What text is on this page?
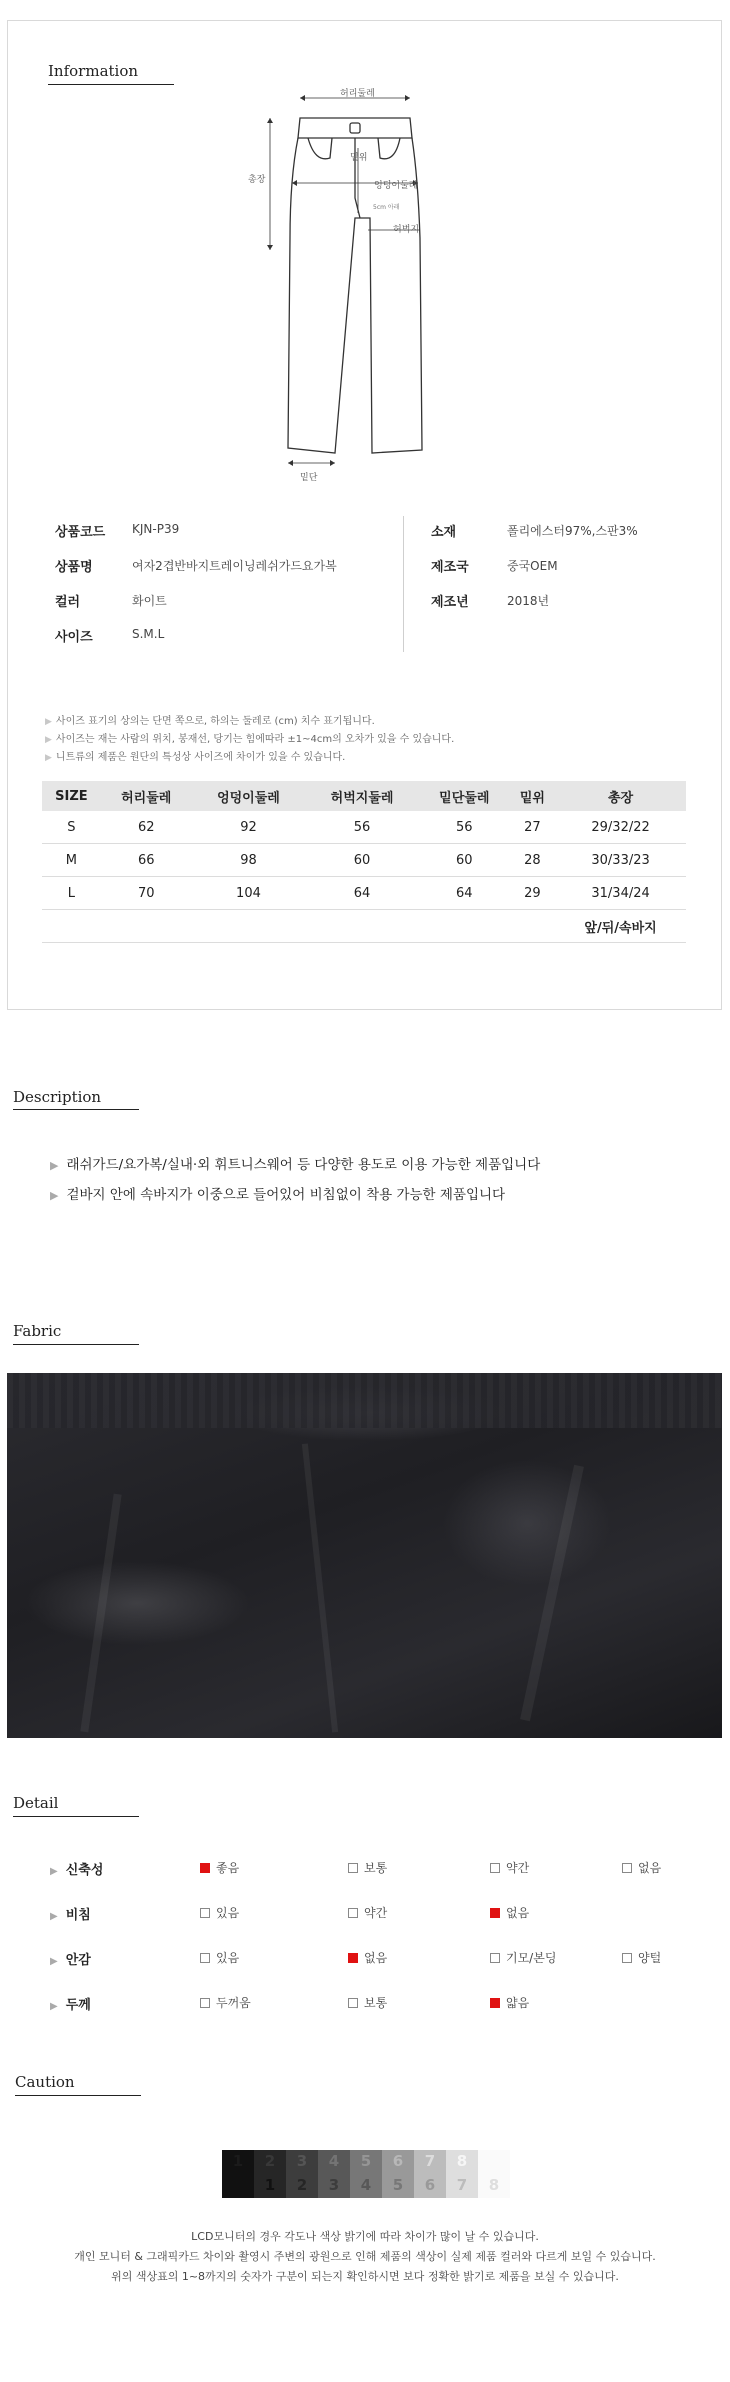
Information
허리둘레
밑위
엉덩이둘레
총장
허벅지
5cm 아래
밑단
상품코드 KJN-P39
상품명	여자2겹반바지트레이닝레쉬가드요가복
컬러	화이트
사이즈	S.M.L
소재	폴리에스터97%,스판3%
제조국	중국OEM
제조년	2018년
▶ 사이즈 표기의 상의는 단면 쪽으로, 하의는 둘레로 (cm) 치수 표기됩니다.
▶ 사이즈는 재는 사람의 위치, 봉재선, 당기는 힘에따라 ±1~4cm의 오차가 있을 수 있습니다.
▶ 니트류의 제품은 원단의 특성상 사이즈에 차이가 있을 수 있습니다.
SIZE	허리둘레	엉덩이둘레	허벅지둘레	밑단둘레	밑위	총장
S	62	92	56	56	27	29/32/22
M	66	98	60	60	28	30/33/23
L	70	104	64	64	29	31/34/24
						앞/뒤/속바지
Description
▶ 래쉬가드/요가복/실내·외 휘트니스웨어 등 다양한 용도로 이용 가능한 제품입니다
▶ 겉바지 안에 속바지가 이중으로 들어있어 비침없이 착용 가능한 제품입니다
Fabric
Detail
▶ 신축성	좋음	보통	약간	없음
▶ 비침	있음	약간	없음
▶ 안감	있음	없음	기모/본딩	양털
▶ 두께	두꺼움	보통	얇음
Caution
1	2
1
3
2
4
3
5
4
6
5
7
6
8
7	8
LCD모니터의 경우 각도나 색상 밝기에 따라 차이가 많이 날 수 있습니다.
개인 모니터 & 그래픽카드 차이와 촬영시 주변의 광원으로 인해 제품의 색상이 실제 제품 컬러와 다르게 보일 수 있습니다.
위의 색상표의 1~8까지의 숫자가 구분이 되는지 확인하시면 보다 정확한 밝기로 제품을 보실 수 있습니다.
